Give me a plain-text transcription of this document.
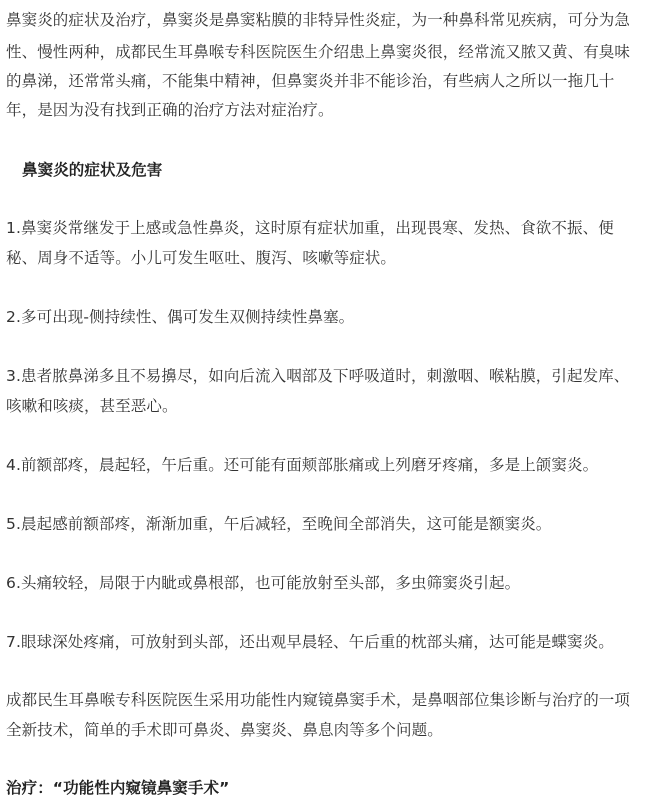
鼻窦炎的症状及治疗，鼻窦炎是鼻窦粘膜的非特异性炎症，为一种鼻科常见疾病，可分为急
性、慢性两种，成都民生耳鼻喉专科医院医生介绍患上鼻窦炎很，经常流又脓又黄、有臭味
的鼻涕，还常常头痛，不能集中精神，但鼻窦炎并非不能诊治，有些病人之所以一拖几十
年，是因为没有找到正确的治疗方法对症治疗。
鼻窦炎的症状及危害
1.鼻窦炎常继发于上感或急性鼻炎，这时原有症状加重，出现畏寒、发热、食欲不振、便
秘、周身不适等。小儿可发生呕吐、腹泻、咳嗽等症状。
2.多可出现-侧持续性、偶可发生双侧持续性鼻塞。
3.患者脓鼻涕多且不易擤尽，如向后流入咽部及下呼吸道时，刺激咽、喉粘膜，引起发库、
咳嗽和咳痰，甚至恶心。
4.前额部疼，晨起轻，午后重。还可能有面颊部胀痛或上列磨牙疼痛，多是上颌窦炎。
5.晨起感前额部疼，渐渐加重，午后减轻，至晚间全部消失，这可能是额窦炎。
6.头痛较轻，局限于内眦或鼻根部，也可能放射至头部，多虫筛窦炎引起。
7.眼球深处疼痛，可放射到头部，还出观早晨轻、午后重的枕部头痛，达可能是蝶窦炎。
成都民生耳鼻喉专科医院医生采用功能性内窥镜鼻窦手术，是鼻咽部位集诊断与治疗的一项
全新技术，简单的手术即可鼻炎、鼻窦炎、鼻息肉等多个问题。
治疗：“功能性内窥镜鼻窦手术”
